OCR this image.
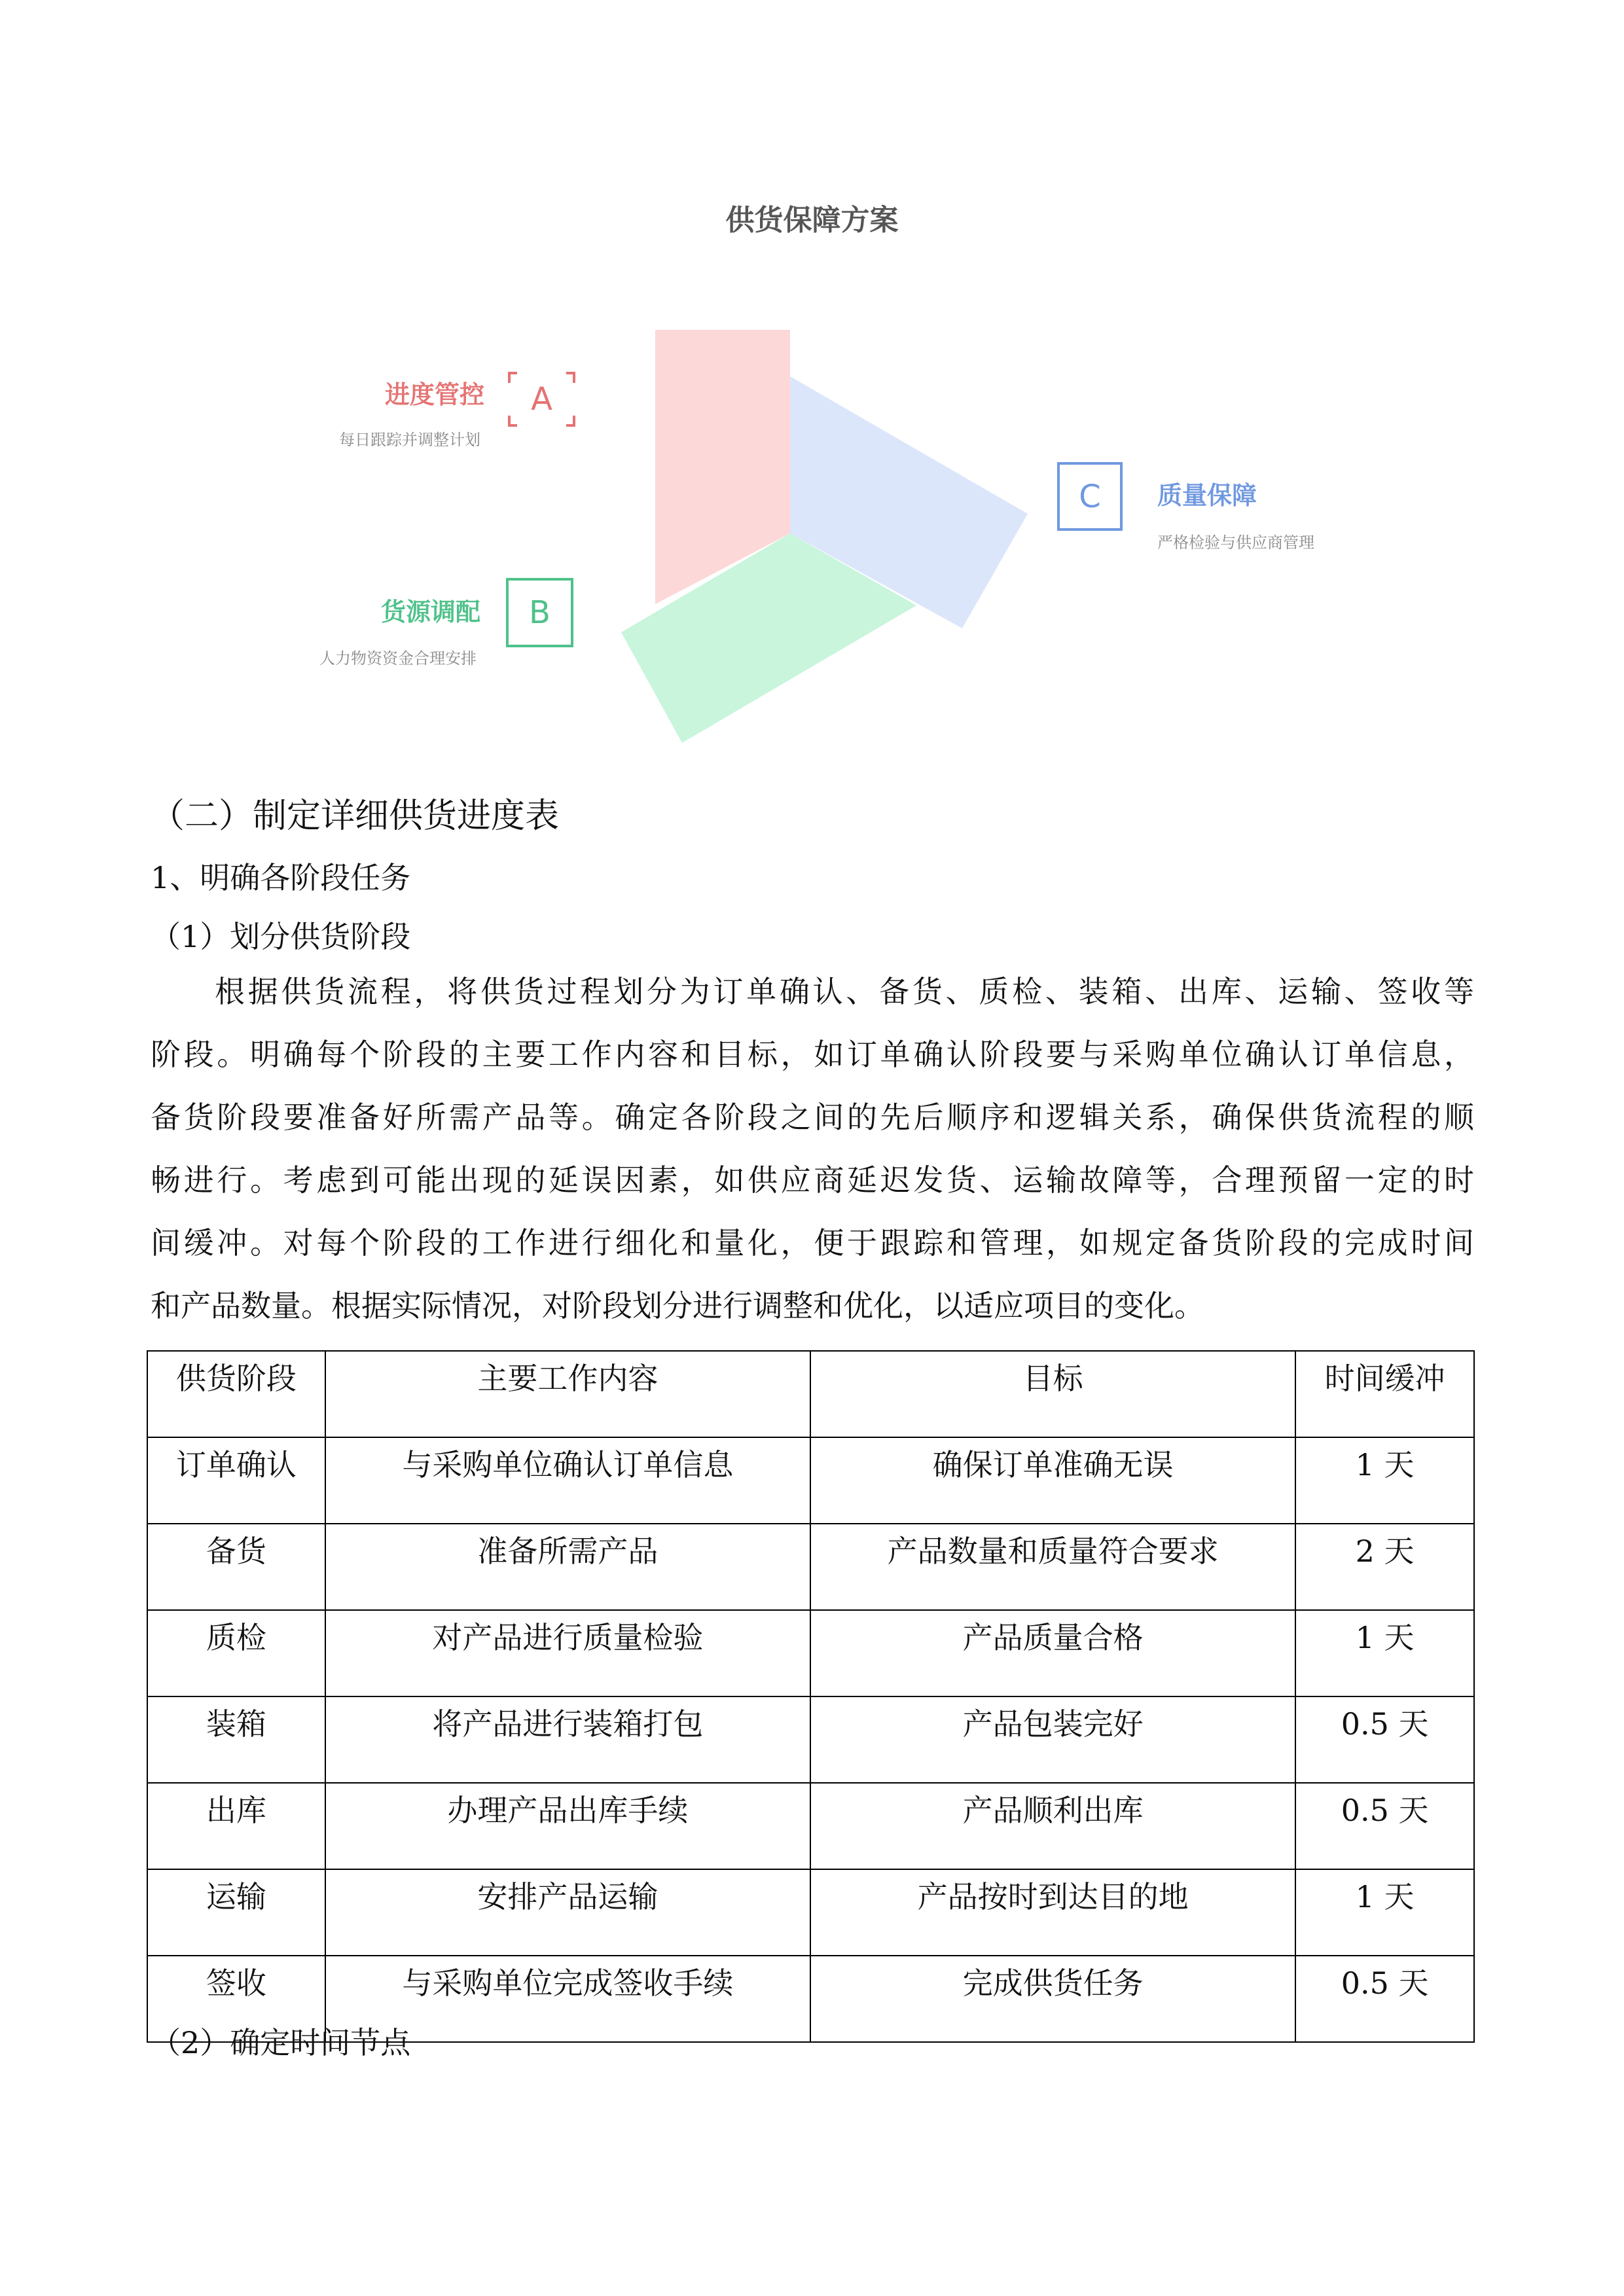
供货保障方案
A
B
C
进度管控
每日跟踪并调整计划
货源调配
人力物资资金合理安排
质量保障
严格检验与供应商管理
（二）制定详细供货进度表
1、明确各阶段任务
（1）划分供货阶段
根据供货流程，将供货过程划分为订单确认、备货、质检、装箱、出库、运输、签收等
阶段。明确每个阶段的主要工作内容和目标，如订单确认阶段要与采购单位确认订单信息，
备货阶段要准备好所需产品等。确定各阶段之间的先后顺序和逻辑关系，确保供货流程的顺
畅进行。考虑到可能出现的延误因素，如供应商延迟发货、运输故障等，合理预留一定的时
间缓冲。对每个阶段的工作进行细化和量化，便于跟踪和管理，如规定备货阶段的完成时间
和产品数量。根据实际情况，对阶段划分进行调整和优化，以适应项目的变化。
供货阶段	主要工作内容	目标	时间缓冲
订单确认	与采购单位确认订单信息	确保订单准确无误	1 天
备货	准备所需产品	产品数量和质量符合要求	2 天
质检	对产品进行质量检验	产品质量合格	1 天
装箱	将产品进行装箱打包	产品包装完好	0.5 天
出库	办理产品出库手续	产品顺利出库	0.5 天
运输	安排产品运输	产品按时到达目的地	1 天
签收	与采购单位完成签收手续	完成供货任务	0.5 天
（2）确定时间节点
